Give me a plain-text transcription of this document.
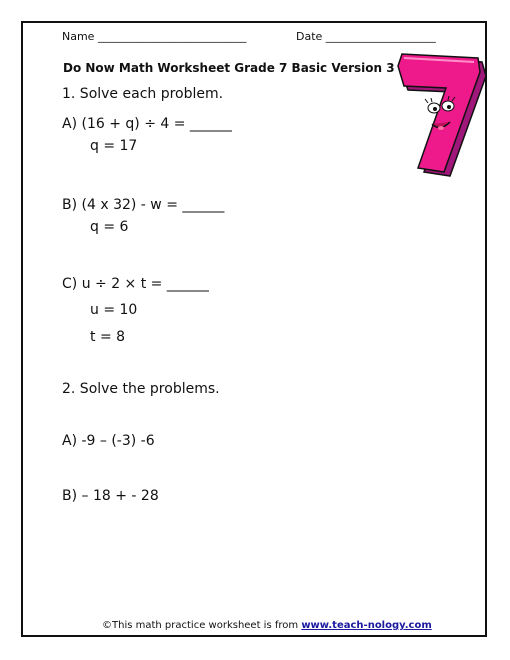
Name ___________________________	Date ____________________
Do Now Math Worksheet Grade 7 Basic Version 3
1. Solve each problem.
A) (16 + q) ÷ 4 = ______
q = 17
B) (4 x 32) - w = ______
q = 6
C) u ÷ 2 × t = ______
u = 10
t = 8
2. Solve the problems.
A) -9 – (-3) -6
B) – 18 + - 28
©This math practice worksheet is from www.teach-nology.com
